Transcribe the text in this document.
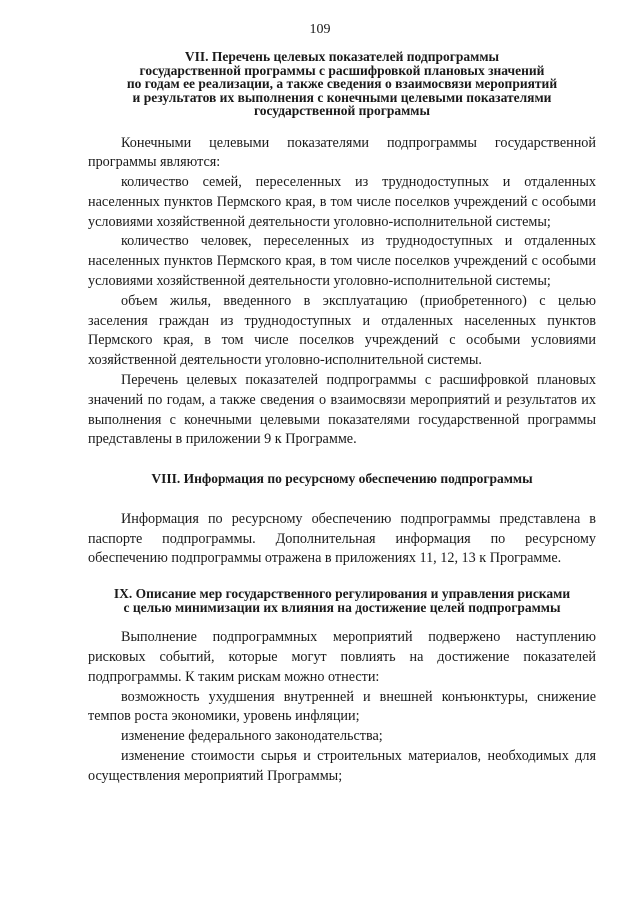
109
VII. Перечень целевых показателей подпрограммы
государственной программы с расшифровкой плановых значений
по годам ее реализации, а также сведения о взаимосвязи мероприятий
и результатов их выполнения с конечными целевыми показателями
государственной программы

Конечными целевыми показателями подпрограммы государственной программы являются:

количество семей, переселенных из труднодоступных и отдаленных населенных пунктов Пермского края, в том числе поселков учреждений с особыми условиями хозяйственной деятельности уголовно-исполнительной системы;

количество человек, переселенных из труднодоступных и отдаленных населенных пунктов Пермского края, в том числе поселков учреждений с особыми условиями хозяйственной деятельности уголовно-исполнительной системы;

объем жилья, введенного в эксплуатацию (приобретенного) с целью заселения граждан из труднодоступных и отдаленных населенных пунктов Пермского края, в том числе поселков учреждений с особыми условиями хозяйственной деятельности уголовно-исполнительной системы.

Перечень целевых показателей подпрограммы с расшифровкой плановых значений по годам, а также сведения о взаимосвязи мероприятий и результатов их выполнения с конечными целевыми показателями государственной программы представлены в приложении 9 к Программе.

VIII. Информация по ресурсному обеспечению подпрограммы

Информация по ресурсному обеспечению подпрограммы представлена в паспорте подпрограммы. Дополнительная информация по ресурсному обеспечению подпрограммы отражена в приложениях 11, 12, 13 к Программе.

IX. Описание мер государственного регулирования и управления рисками
с целью минимизации их влияния на достижение целей подпрограммы

Выполнение подпрограммных мероприятий подвержено наступлению рисковых событий, которые могут повлиять на достижение показателей подпрограммы. К таким рискам можно отнести:

возможность ухудшения внутренней и внешней конъюнктуры, снижение темпов роста экономики, уровень инфляции;

изменение федерального законодательства;

изменение стоимости сырья и строительных материалов, необходимых для осуществления мероприятий Программы;
